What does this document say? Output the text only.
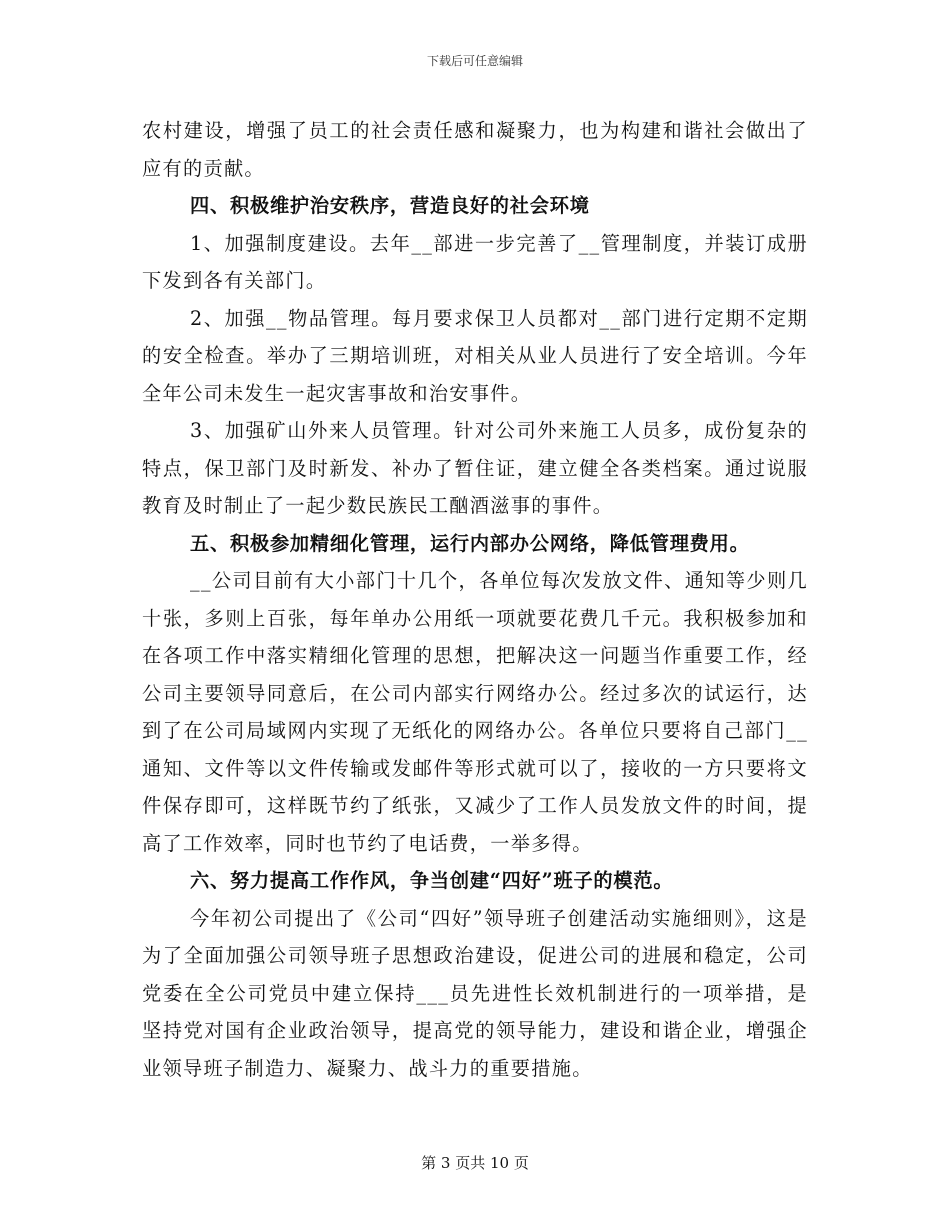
下载后可任意编辑

农村建设，增强了员工的社会责任感和凝聚力，也为构建和谐社会做出了应有的贡献。

四、积极维护治安秩序，营造良好的社会环境

1、加强制度建设。去年__部进一步完善了__管理制度，并装订成册下发到各有关部门。

2、加强__物品管理。每月要求保卫人员都对__部门进行定期不定期的安全检查。举办了三期培训班，对相关从业人员进行了安全培训。今年全年公司未发生一起灾害事故和治安事件。

3、加强矿山外来人员管理。针对公司外来施工人员多，成份复杂的特点，保卫部门及时新发、补办了暂住证，建立健全各类档案。通过说服教育及时制止了一起少数民族民工酗酒滋事的事件。

五、积极参加精细化管理，运行内部办公网络，降低管理费用。

__公司目前有大小部门十几个，各单位每次发放文件、通知等少则几十张，多则上百张，每年单办公用纸一项就要花费几千元。我积极参加和在各项工作中落实精细化管理的思想，把解决这一问题当作重要工作，经公司主要领导同意后，在公司内部实行网络办公。经过多次的试运行，达到了在公司局域网内实现了无纸化的网络办公。各单位只要将自己部门__通知、文件等以文件传输或发邮件等形式就可以了，接收的一方只要将文件保存即可，这样既节约了纸张，又减少了工作人员发放文件的时间，提高了工作效率，同时也节约了电话费，一举多得。

六、努力提高工作作风，争当创建“四好”班子的模范。

今年初公司提出了《公司“四好”领导班子创建活动实施细则》，这是为了全面加强公司领导班子思想政治建设，促进公司的进展和稳定，公司党委在全公司党员中建立保持___员先进性长效机制进行的一项举措，是坚持党对国有企业政治领导，提高党的领导能力，建设和谐企业，增强企业领导班子制造力、凝聚力、战斗力的重要措施。

第 3 页共 10 页
